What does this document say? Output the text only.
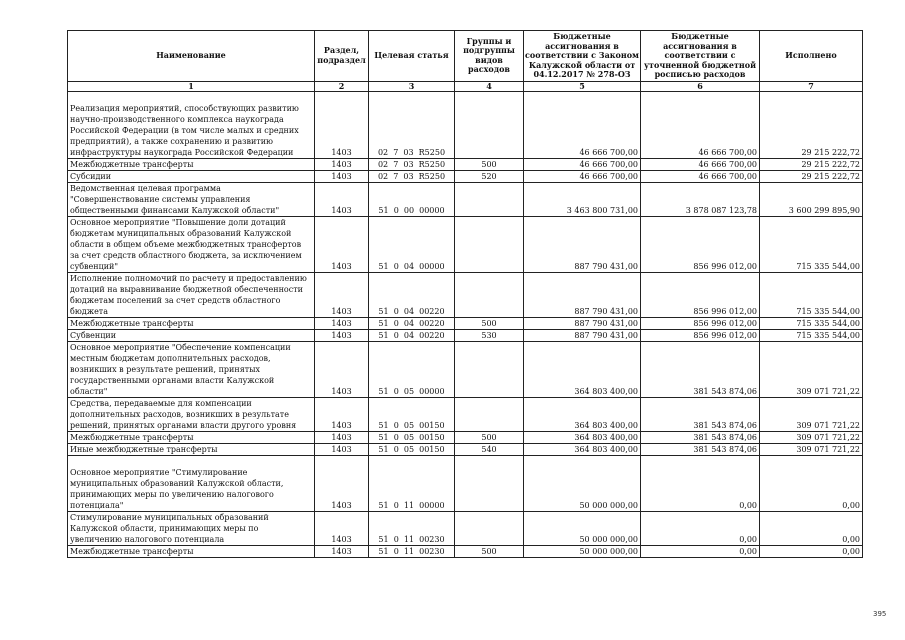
Наименование	Раздел, подраздел	Целевая статья	Группы и подгруппы видов расходов	Бюджетные ассигнования в соответствии с Законом Калужской области от 04.12.2017 № 278-ОЗ	Бюджетные ассигнования в соответствии с уточненной бюджетной росписью расходов	Исполнено
1	2	3	4	5	6	7
Реализация мероприятий, способствующих развитию научно-производственного комплекса наукограда Российской Федерации (в том числе малых и средних предприятий), а также сохранению и развитию инфраструктуры наукограда Российской Федерации	1403	02  7  03  R5250		46 666 700,00	46 666 700,00	29 215 222,72
Межбюджетные трансферты	1403	02  7  03  R5250	500	46 666 700,00	46 666 700,00	29 215 222,72
Субсидии	1403	02  7  03  R5250	520	46 666 700,00	46 666 700,00	29 215 222,72
Ведомственная целевая программа "Совершенствование системы управления общественными финансами Калужской области"	1403	51  0  00  00000		3 463 800 731,00	3 878 087 123,78	3 600 299 895,90
Основное мероприятие "Повышение доли дотаций бюджетам муниципальных образований Калужской области в общем объеме межбюджетных трансфертов за счет средств областного бюджета, за исключением субвенций"	1403	51  0  04  00000		887 790 431,00	856 996 012,00	715 335 544,00
Исполнение полномочий по расчету и предоставлению дотаций на выравнивание бюджетной обеспеченности бюджетам поселений за счет средств областного бюджета	1403	51  0  04  00220		887 790 431,00	856 996 012,00	715 335 544,00
Межбюджетные трансферты	1403	51  0  04  00220	500	887 790 431,00	856 996 012,00	715 335 544,00
Субвенции	1403	51  0  04  00220	530	887 790 431,00	856 996 012,00	715 335 544,00
Основное мероприятие "Обеспечение компенсации местным бюджетам дополнительных расходов, возникших в результате решений, принятых государственными органами власти Калужской области"	1403	51  0  05  00000		364 803 400,00	381 543 874,06	309 071 721,22
Средства, передаваемые для компенсации дополнительных расходов, возникших в результате решений, принятых органами власти другого уровня	1403	51  0  05  00150		364 803 400,00	381 543 874,06	309 071 721,22
Межбюджетные трансферты	1403	51  0  05  00150	500	364 803 400,00	381 543 874,06	309 071 721,22
Иные межбюджетные трансферты	1403	51  0  05  00150	540	364 803 400,00	381 543 874,06	309 071 721,22
Основное мероприятие "Стимулирование муниципальных образований Калужской области, принимающих меры по увеличению налогового потенциала"	1403	51  0  11  00000		50 000 000,00	0,00	0,00
Стимулирование муниципальных образований Калужской области, принимающих меры по увеличению налогового потенциала	1403	51  0  11  00230		50 000 000,00	0,00	0,00
Межбюджетные трансферты	1403	51  0  11  00230	500	50 000 000,00	0,00	0,00
395
